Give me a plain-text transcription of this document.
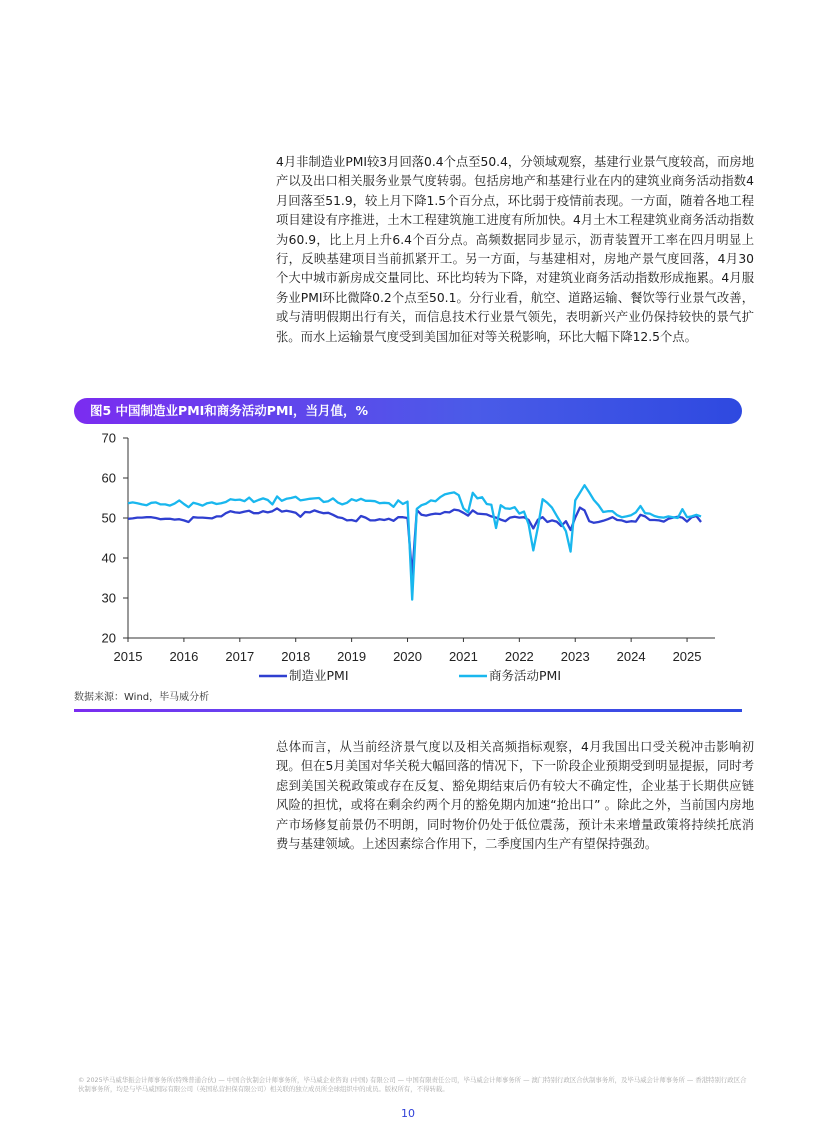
4月非制造业PMI较3月回落0.4个点至50.4，分领域观察，基建行业景气度较高，而房地产以及出口相关服务业景气度转弱。包括房地产和基建行业在内的建筑业商务活动指数4月回落至51.9，较上月下降1.5个百分点，环比弱于疫情前表现。一方面，随着各地工程项目建设有序推进，土木工程建筑施工进度有所加快。4月土木工程建筑业商务活动指数为60.9，比上月上升6.4个百分点。高频数据同步显示，沥青装置开工率在四月明显上行，反映基建项目当前抓紧开工。另一方面，与基建相对，房地产景气度回落，4月30个大中城市新房成交量同比、环比均转为下降，对建筑业商务活动指数形成拖累。4月服务业PMI环比微降0.2个点至50.1。分行业看，航空、道路运输、餐饮等行业景气改善，或与清明假期出行有关，而信息技术行业景气领先，表明新兴产业仍保持较快的景气扩张。而水上运输景气度受到美国加征对等关税影响，环比大幅下降12.5个点。

图5 中国制造业PMI和商务活动PMI，当月值，%
20
30
40
50
60
70
2015 2016 2017 2018 2019 2020 2021 2022 2023 2024 2025
制造业PMI	商务活动PMI
数据来源：Wind，毕马威分析

总体而言，从当前经济景气度以及相关高频指标观察，4月我国出口受关税冲击影响初现。但在5月美国对华关税大幅回落的情况下，下一阶段企业预期受到明显提振，同时考虑到美国关税政策或存在反复、豁免期结束后仍有较大不确定性，企业基于长期供应链风险的担忧，或将在剩余约两个月的豁免期内加速“抢出口” 。除此之外，当前国内房地产市场修复前景仍不明朗，同时物价仍处于低位震荡，预计未来增量政策将持续托底消费与基建领域。上述因素综合作用下，二季度国内生产有望保持强劲。

© 2025毕马威华振会计师事务所(特殊普通合伙) — 中国合伙制会计师事务所，毕马威企业咨询 (中国) 有限公司 — 中国有限责任公司，毕马威会计师事务所 — 澳门特别行政区合伙制事务所，及毕马威会计师事务所 — 香港特别行政区合伙制事务所，均是与毕马威国际有限公司（英国私营担保有限公司）相关联的独立成员所全球组织中的成员。版权所有，不得转载。
10
